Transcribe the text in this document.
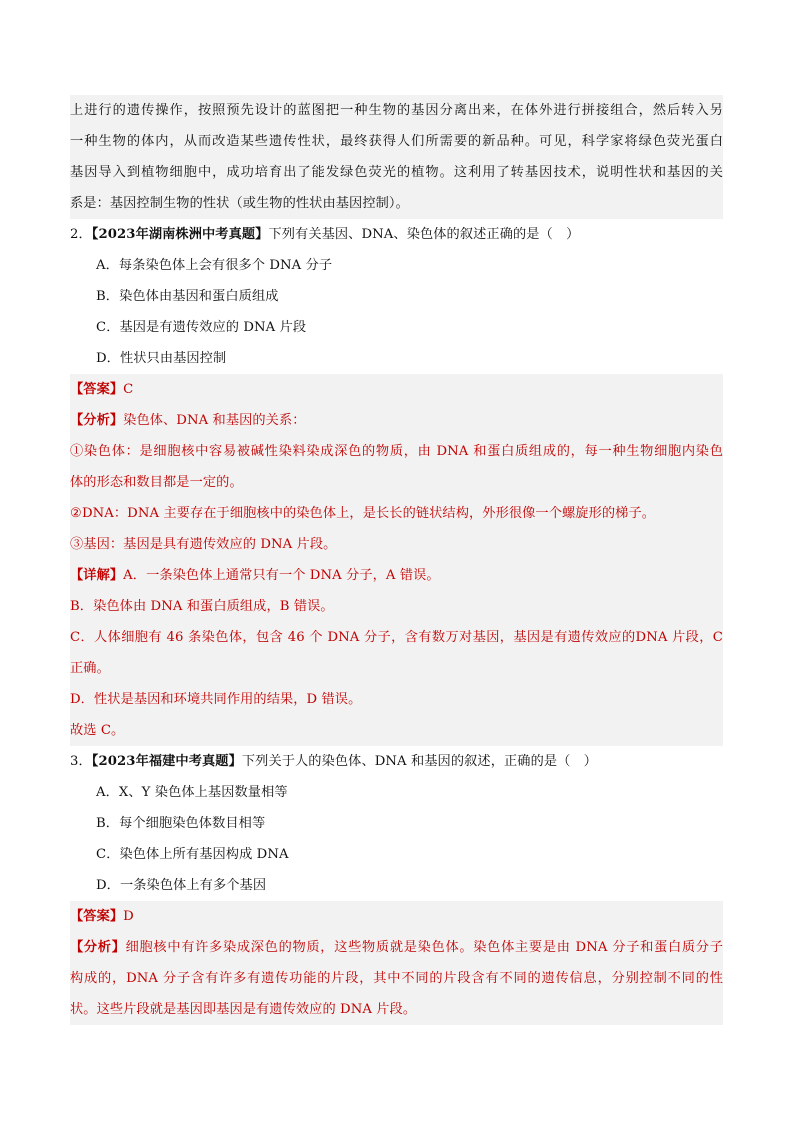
上进行的遗传操作，按照预先设计的蓝图把一种生物的基因分离出来，在体外进行拼接组合，然后转入另
一种生物的体内，从而改造某些遗传性状，最终获得人们所需要的新品种。可见，科学家将绿色荧光蛋白
基因导入到植物细胞中，成功培育出了能发绿色荧光的植物。这利用了转基因技术，说明性状和基因的关
系是：基因控制生物的性状（或生物的性状由基因控制）。
2．【2023年湖南株洲中考真题】下列有关基因、DNA、染色体的叙述正确的是（　）
A．每条染色体上会有很多个 DNA 分子
B．染色体由基因和蛋白质组成
C．基因是有遗传效应的 DNA 片段
D．性状只由基因控制
【答案】C
【分析】染色体、DNA 和基因的关系：
①染色体：是细胞核中容易被碱性染料染成深色的物质，由 DNA 和蛋白质组成的，每一种生物细胞内染色
体的形态和数目都是一定的。
②DNA：DNA 主要存在于细胞核中的染色体上，是长长的链状结构，外形很像一个螺旋形的梯子。
③基因：基因是具有遗传效应的 DNA 片段。
【详解】A．一条染色体上通常只有一个 DNA 分子，A 错误。
B．染色体由 DNA 和蛋白质组成，B 错误。
C．人体细胞有 46 条染色体，包含 46 个 DNA 分子，含有数万对基因，基因是有遗传效应的DNA 片段，C
正确。
D．性状是基因和环境共同作用的结果，D 错误。
故选 C。
3．【2023年福建中考真题】下列关于人的染色体、DNA 和基因的叙述，正确的是（　）
A．X、Y 染色体上基因数量相等
B．每个细胞染色体数目相等
C．染色体上所有基因构成 DNA
D．一条染色体上有多个基因
【答案】D
【分析】细胞核中有许多染成深色的物质，这些物质就是染色体。染色体主要是由 DNA 分子和蛋白质分子
构成的，DNA 分子含有许多有遗传功能的片段，其中不同的片段含有不同的遗传信息，分别控制不同的性
状。这些片段就是基因即基因是有遗传效应的 DNA 片段。
